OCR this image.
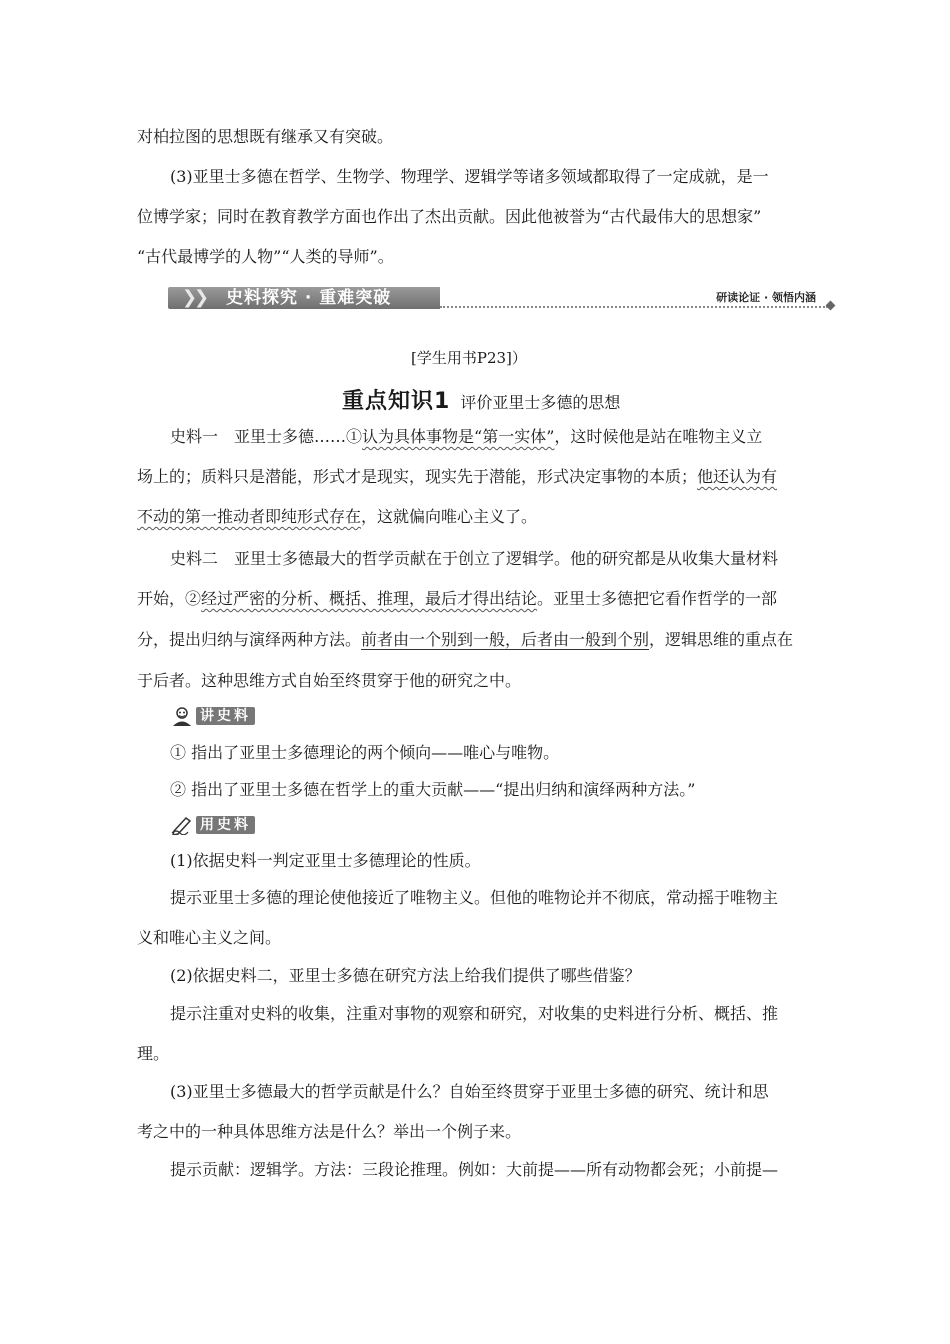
对柏拉图的思想既有继承又有突破。
(3)亚里士多德在哲学、生物学、物理学、逻辑学等诸多领域都取得了一定成就，是一
位博学家；同时在教育教学方面也作出了杰出贡献。因此他被誉为“古代最伟大的思想家”
“古代最博学的人物”“人类的导师”。
❯
❯ 史料探究 · 重难突破	研读论证 · 领悟内涵
[学生用书P23]）
重点知识1 评价亚里士多德的思想
史料一　亚里士多德……①认为具体事物是“第一实体”，这时候他是站在唯物主义立
场上的；质料只是潜能，形式才是现实，现实先于潜能，形式决定事物的本质；他还认为有
不动的第一推动者即纯形式存在，这就偏向唯心主义了。
史料二　亚里士多德最大的哲学贡献在于创立了逻辑学。他的研究都是从收集大量材料
开始，②经过严密的分析、概括、推理，最后才得出结论。亚里士多德把它看作哲学的一部
分，提出归纳与演绎两种方法。前者由一个别到一般，后者由一般到个别，逻辑思维的重点在
于后者。这种思维方式自始至终贯穿于他的研究之中。
讲史料
① 指出了亚里士多德理论的两个倾向——唯心与唯物。
② 指出了亚里士多德在哲学上的重大贡献——“提出归纳和演绎两种方法。”
用史料
(1)依据史料一判定亚里士多德理论的性质。
提示亚里士多德的理论使他接近了唯物主义。但他的唯物论并不彻底，常动摇于唯物主
义和唯心主义之间。
(2)依据史料二，亚里士多德在研究方法上给我们提供了哪些借鉴？
提示注重对史料的收集，注重对事物的观察和研究，对收集的史料进行分析、概括、推
理。
(3)亚里士多德最大的哲学贡献是什么？自始至终贯穿于亚里士多德的研究、统计和思
考之中的一种具体思维方法是什么？举出一个例子来。
提示贡献：逻辑学。方法：三段论推理。例如：大前提——所有动物都会死；小前提—
